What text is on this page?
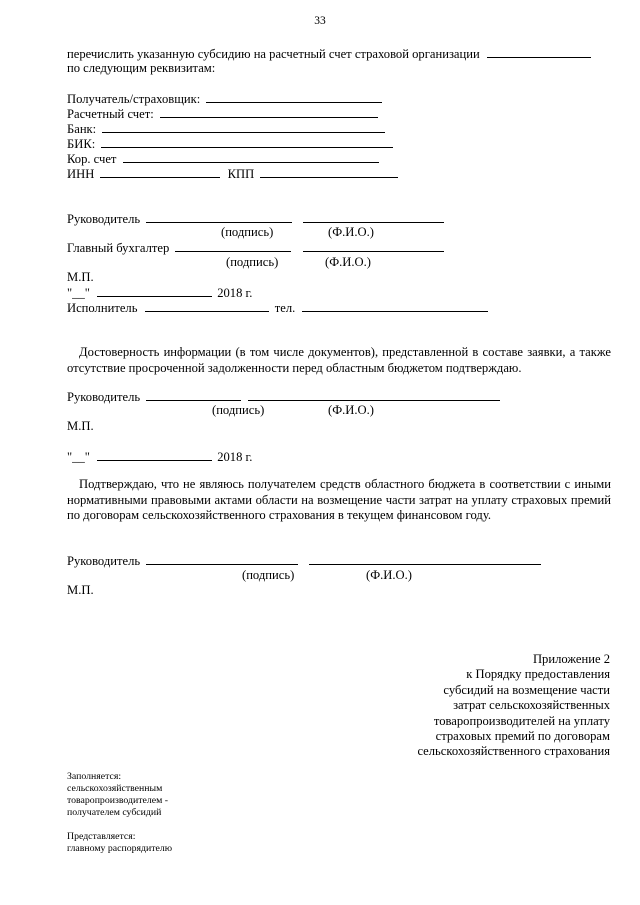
33
перечислить указанную субсидию на расчетный счет страховой организации
по следующим реквизитам:
Получатель/страховщик:
Расчетный счет:
Банк:
БИК:
Кор. счет
ИНН	КПП
Руководитель
(подпись)	(Ф.И.О.)
Главный бухгалтер
(подпись)	(Ф.И.О.)
М.П.
"__"	2018 г.
Исполнитель	тел.
Достоверность информации (в том числе документов), представленной в составе заявки, а также отсутствие просроченной задолженности перед областным бюджетом подтверждаю.
Руководитель
(подпись)	(Ф.И.О.)
М.П.
"__"	2018 г.
Подтверждаю, что не являюсь получателем средств областного бюджета в соответствии с иными нормативными правовыми актами области на возмещение части затрат на уплату страховых премий по договорам сельскохозяйственного страхования в текущем финансовом году.
Руководитель
(подпись)	(Ф.И.О.)
М.П.
Приложение 2
к Порядку предоставления
субсидий на возмещение части
затрат сельскохозяйственных
товаропроизводителей на уплату
страховых премий по договорам
сельскохозяйственного страхования
Заполняется:
сельскохозяйственным
товаропроизводителем -
получателем субсидий
Представляется:
главному распорядителю
